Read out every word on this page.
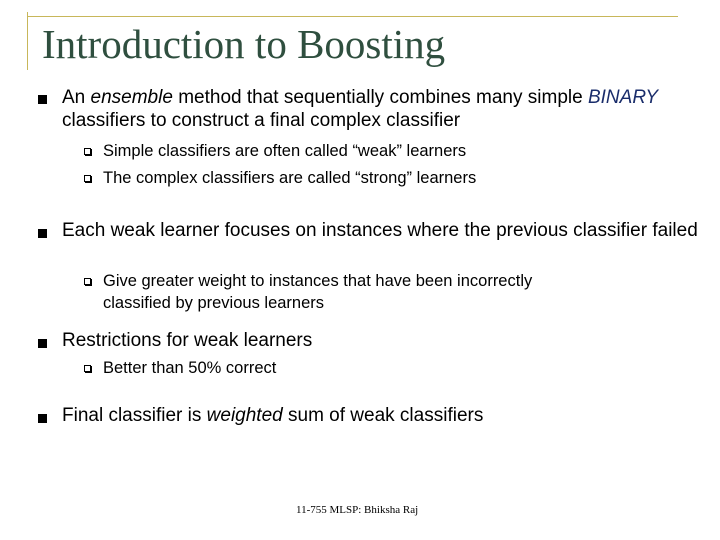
Introduction to Boosting
An ensemble method that sequentially combines many simple BINARY classifiers to construct a final complex classifier
Simple classifiers are often called “weak” learners
The complex classifiers are called “strong” learners
Each weak learner focuses on instances where the previous classifier failed
Give greater weight to instances that have been incorrectly classified by previous learners
Restrictions for weak learners
Better than 50% correct
Final classifier is weighted sum of weak classifiers
11-755 MLSP: Bhiksha Raj
